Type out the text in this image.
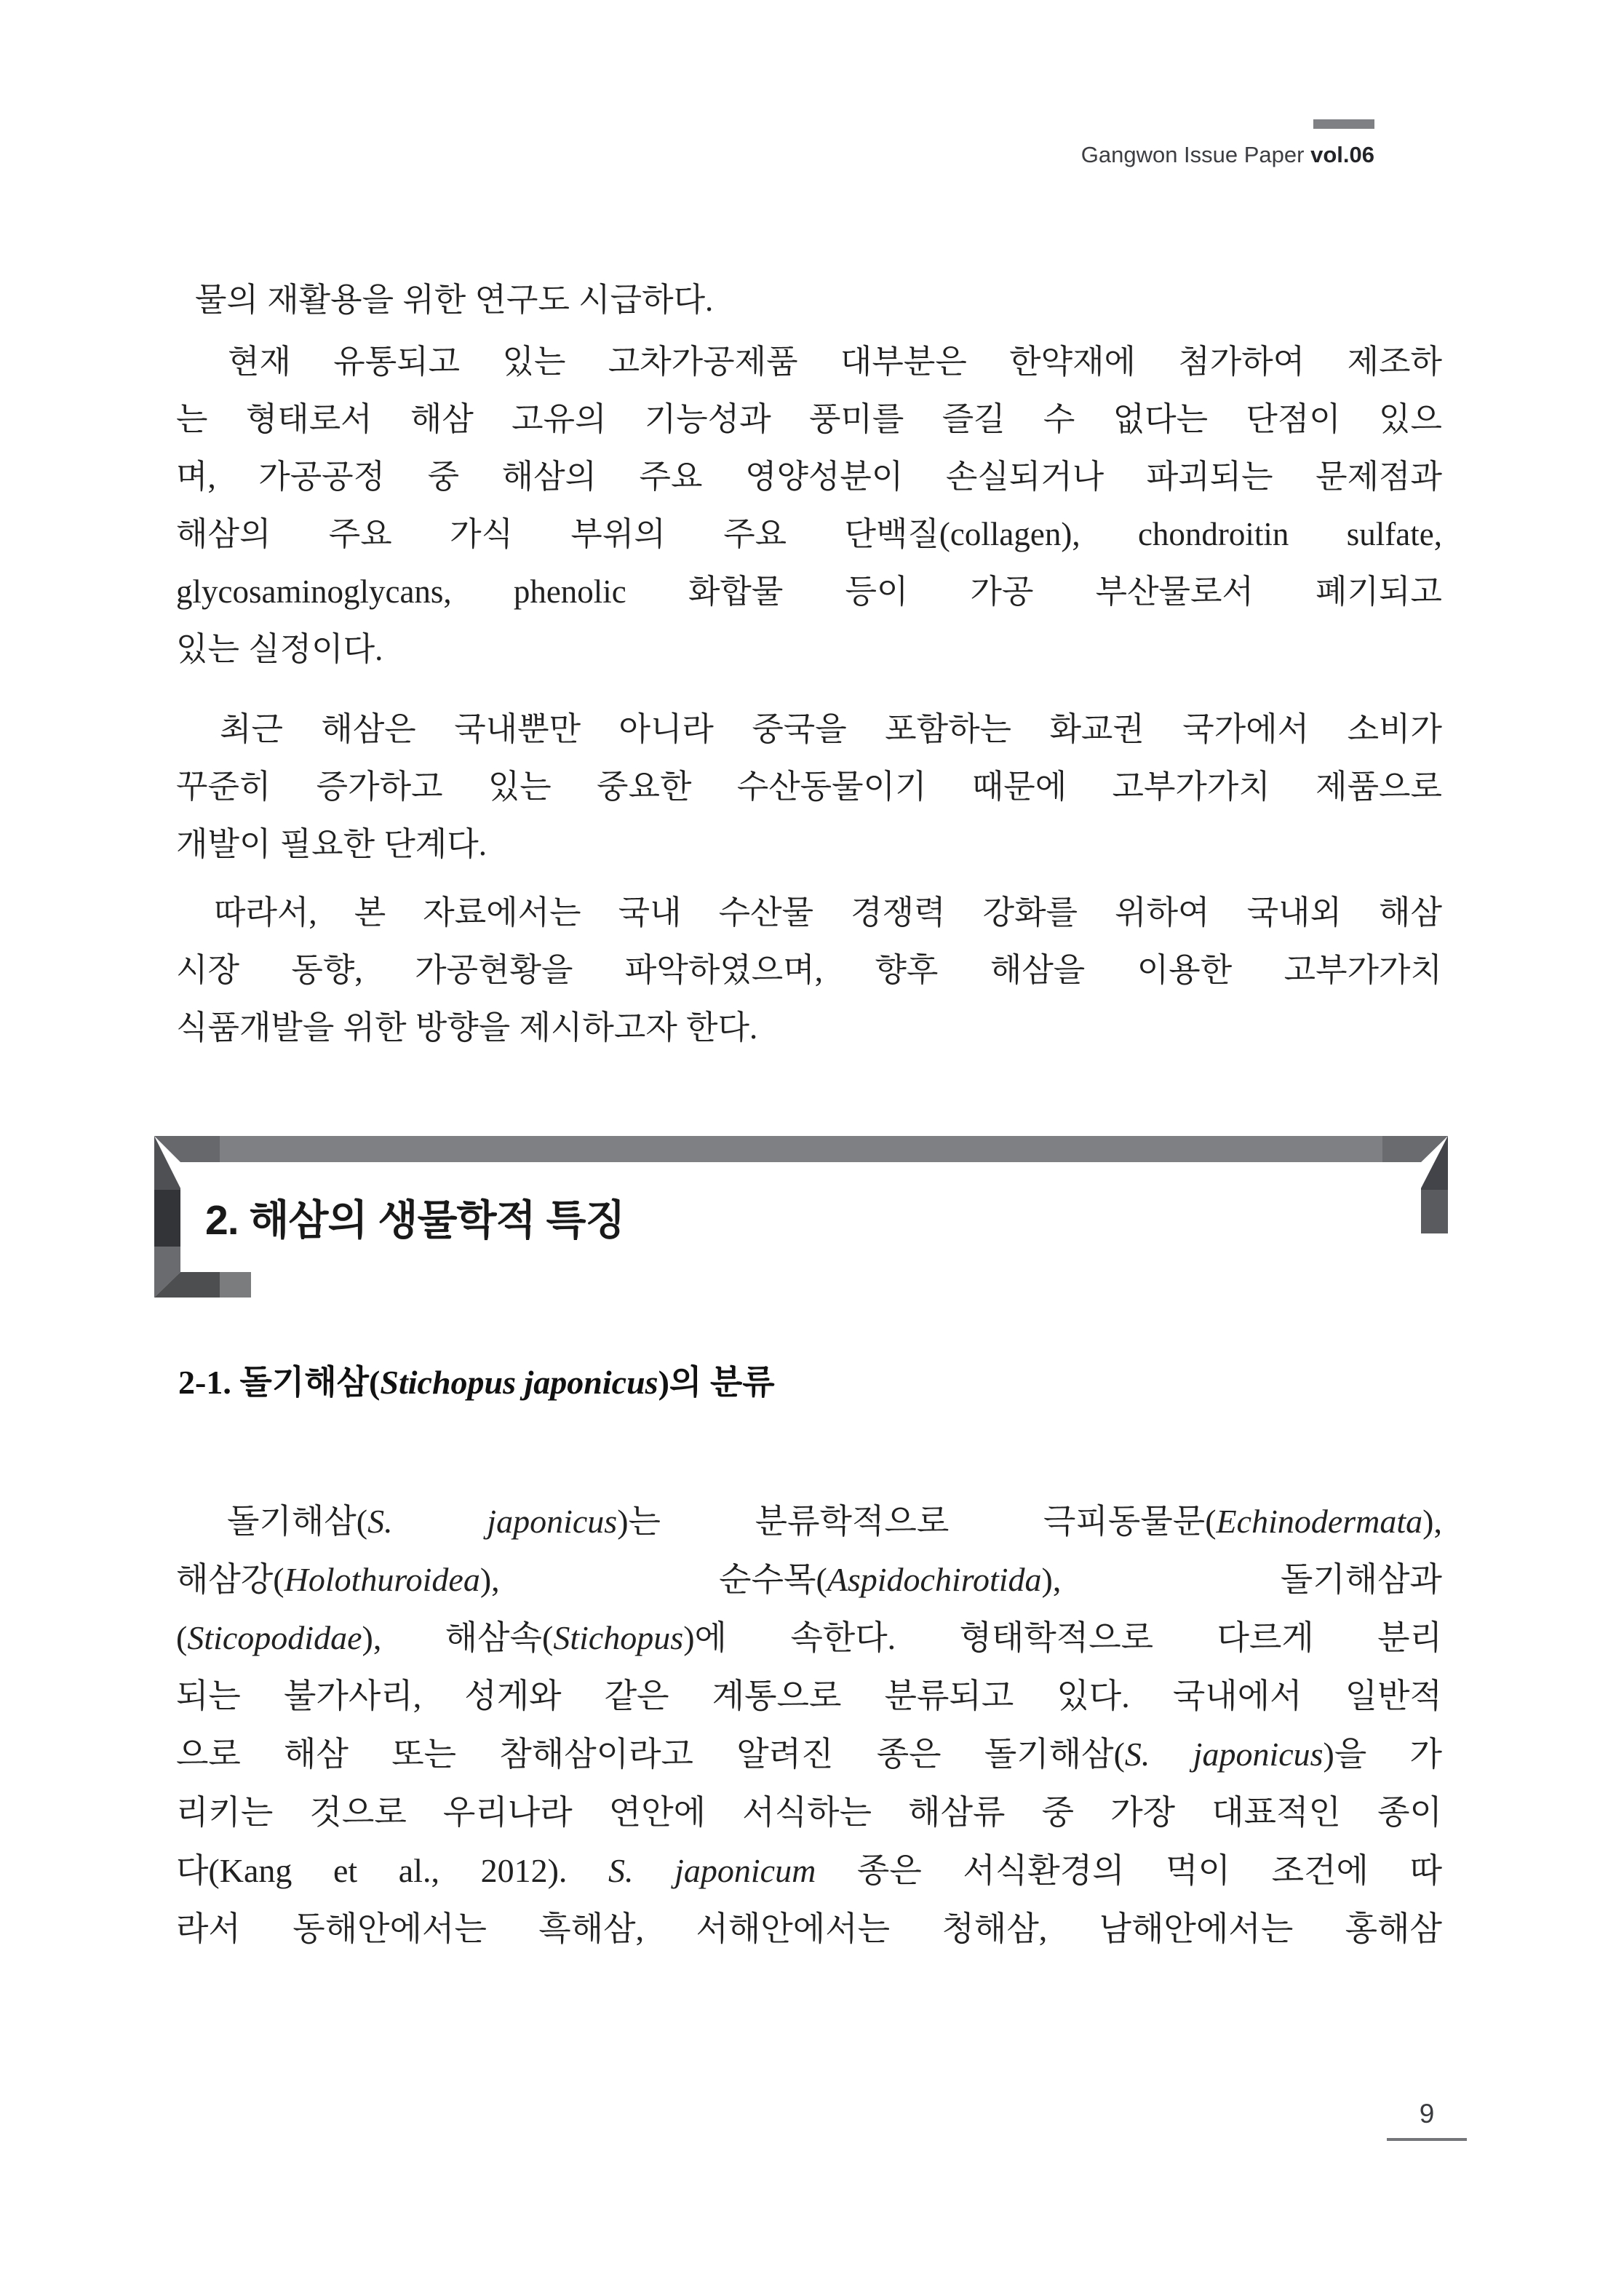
Gangwon Issue Paper vol.06
물의 재활용을 위한 연구도 시급하다.
현재 유통되고 있는 고차가공제품 대부분은 한약재에 첨가하여 제조하
는 형태로서 해삼 고유의 기능성과 풍미를 즐길 수 없다는 단점이 있으
며, 가공공정 중 해삼의 주요 영양성분이 손실되거나 파괴되는 문제점과
해삼의 주요 가식 부위의 주요 단백질(collagen), chondroitin sulfate,
glycosaminoglycans, phenolic 화합물 등이 가공 부산물로서 폐기되고
있는 실정이다.
최근 해삼은 국내뿐만 아니라 중국을 포함하는 화교권 국가에서 소비가
꾸준히 증가하고 있는 중요한 수산동물이기 때문에 고부가가치 제품으로
개발이 필요한 단계다.
따라서, 본 자료에서는 국내 수산물 경쟁력 강화를 위하여 국내외 해삼
시장 동향, 가공현황을 파악하였으며, 향후 해삼을 이용한 고부가가치
식품개발을 위한 방향을 제시하고자 한다.
2. 해삼의 생물학적 특징
2-1. 돌기해삼(Stichopus japonicus)의 분류
돌기해삼(S. japonicus)는 분류학적으로 극피동물문(Echinodermata),
해삼강(Holothuroidea), 순수목(Aspidochirotida), 돌기해삼과
(Sticopodidae), 해삼속(Stichopus)에 속한다. 형태학적으로 다르게 분리
되는 불가사리, 성게와 같은 계통으로 분류되고 있다. 국내에서 일반적
으로 해삼 또는 참해삼이라고 알려진 종은 돌기해삼(S. japonicus)을 가
리키는 것으로 우리나라 연안에 서식하는 해삼류 중 가장 대표적인 종이
다(Kang et al., 2012). S. japonicum 종은 서식환경의 먹이 조건에 따
라서 동해안에서는 흑해삼, 서해안에서는 청해삼, 남해안에서는 홍해삼
9
